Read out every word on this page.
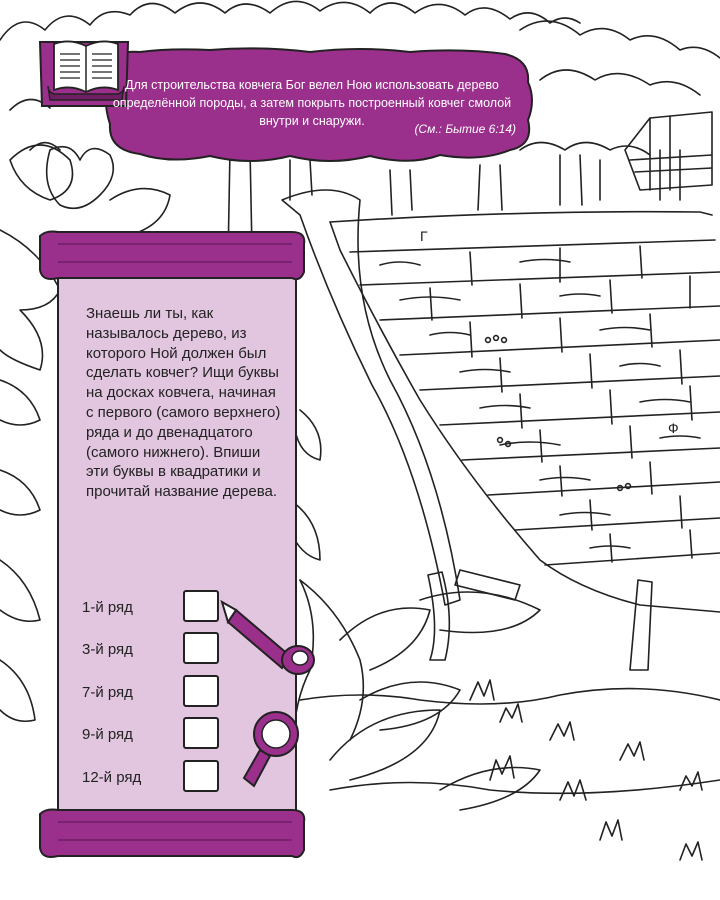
Для строительства ковчега Бог велел Ною использовать дерево определённой породы, а затем покрыть построенный ковчег смолой внутри и снаружи.
(См.: Бытие 6:14)
Знаешь ли ты, как называлось дерево, из которого Ной должен был сделать ковчег? Ищи буквы на досках ковчега, начиная с первого (самого верхнего) ряда и до двенадцатого (самого нижнего). Впиши эти буквы в квадратики и прочитай название дерева.
1-й ряд
3-й ряд
7-й ряд
9-й ряд
12-й ряд
Г
Ф
